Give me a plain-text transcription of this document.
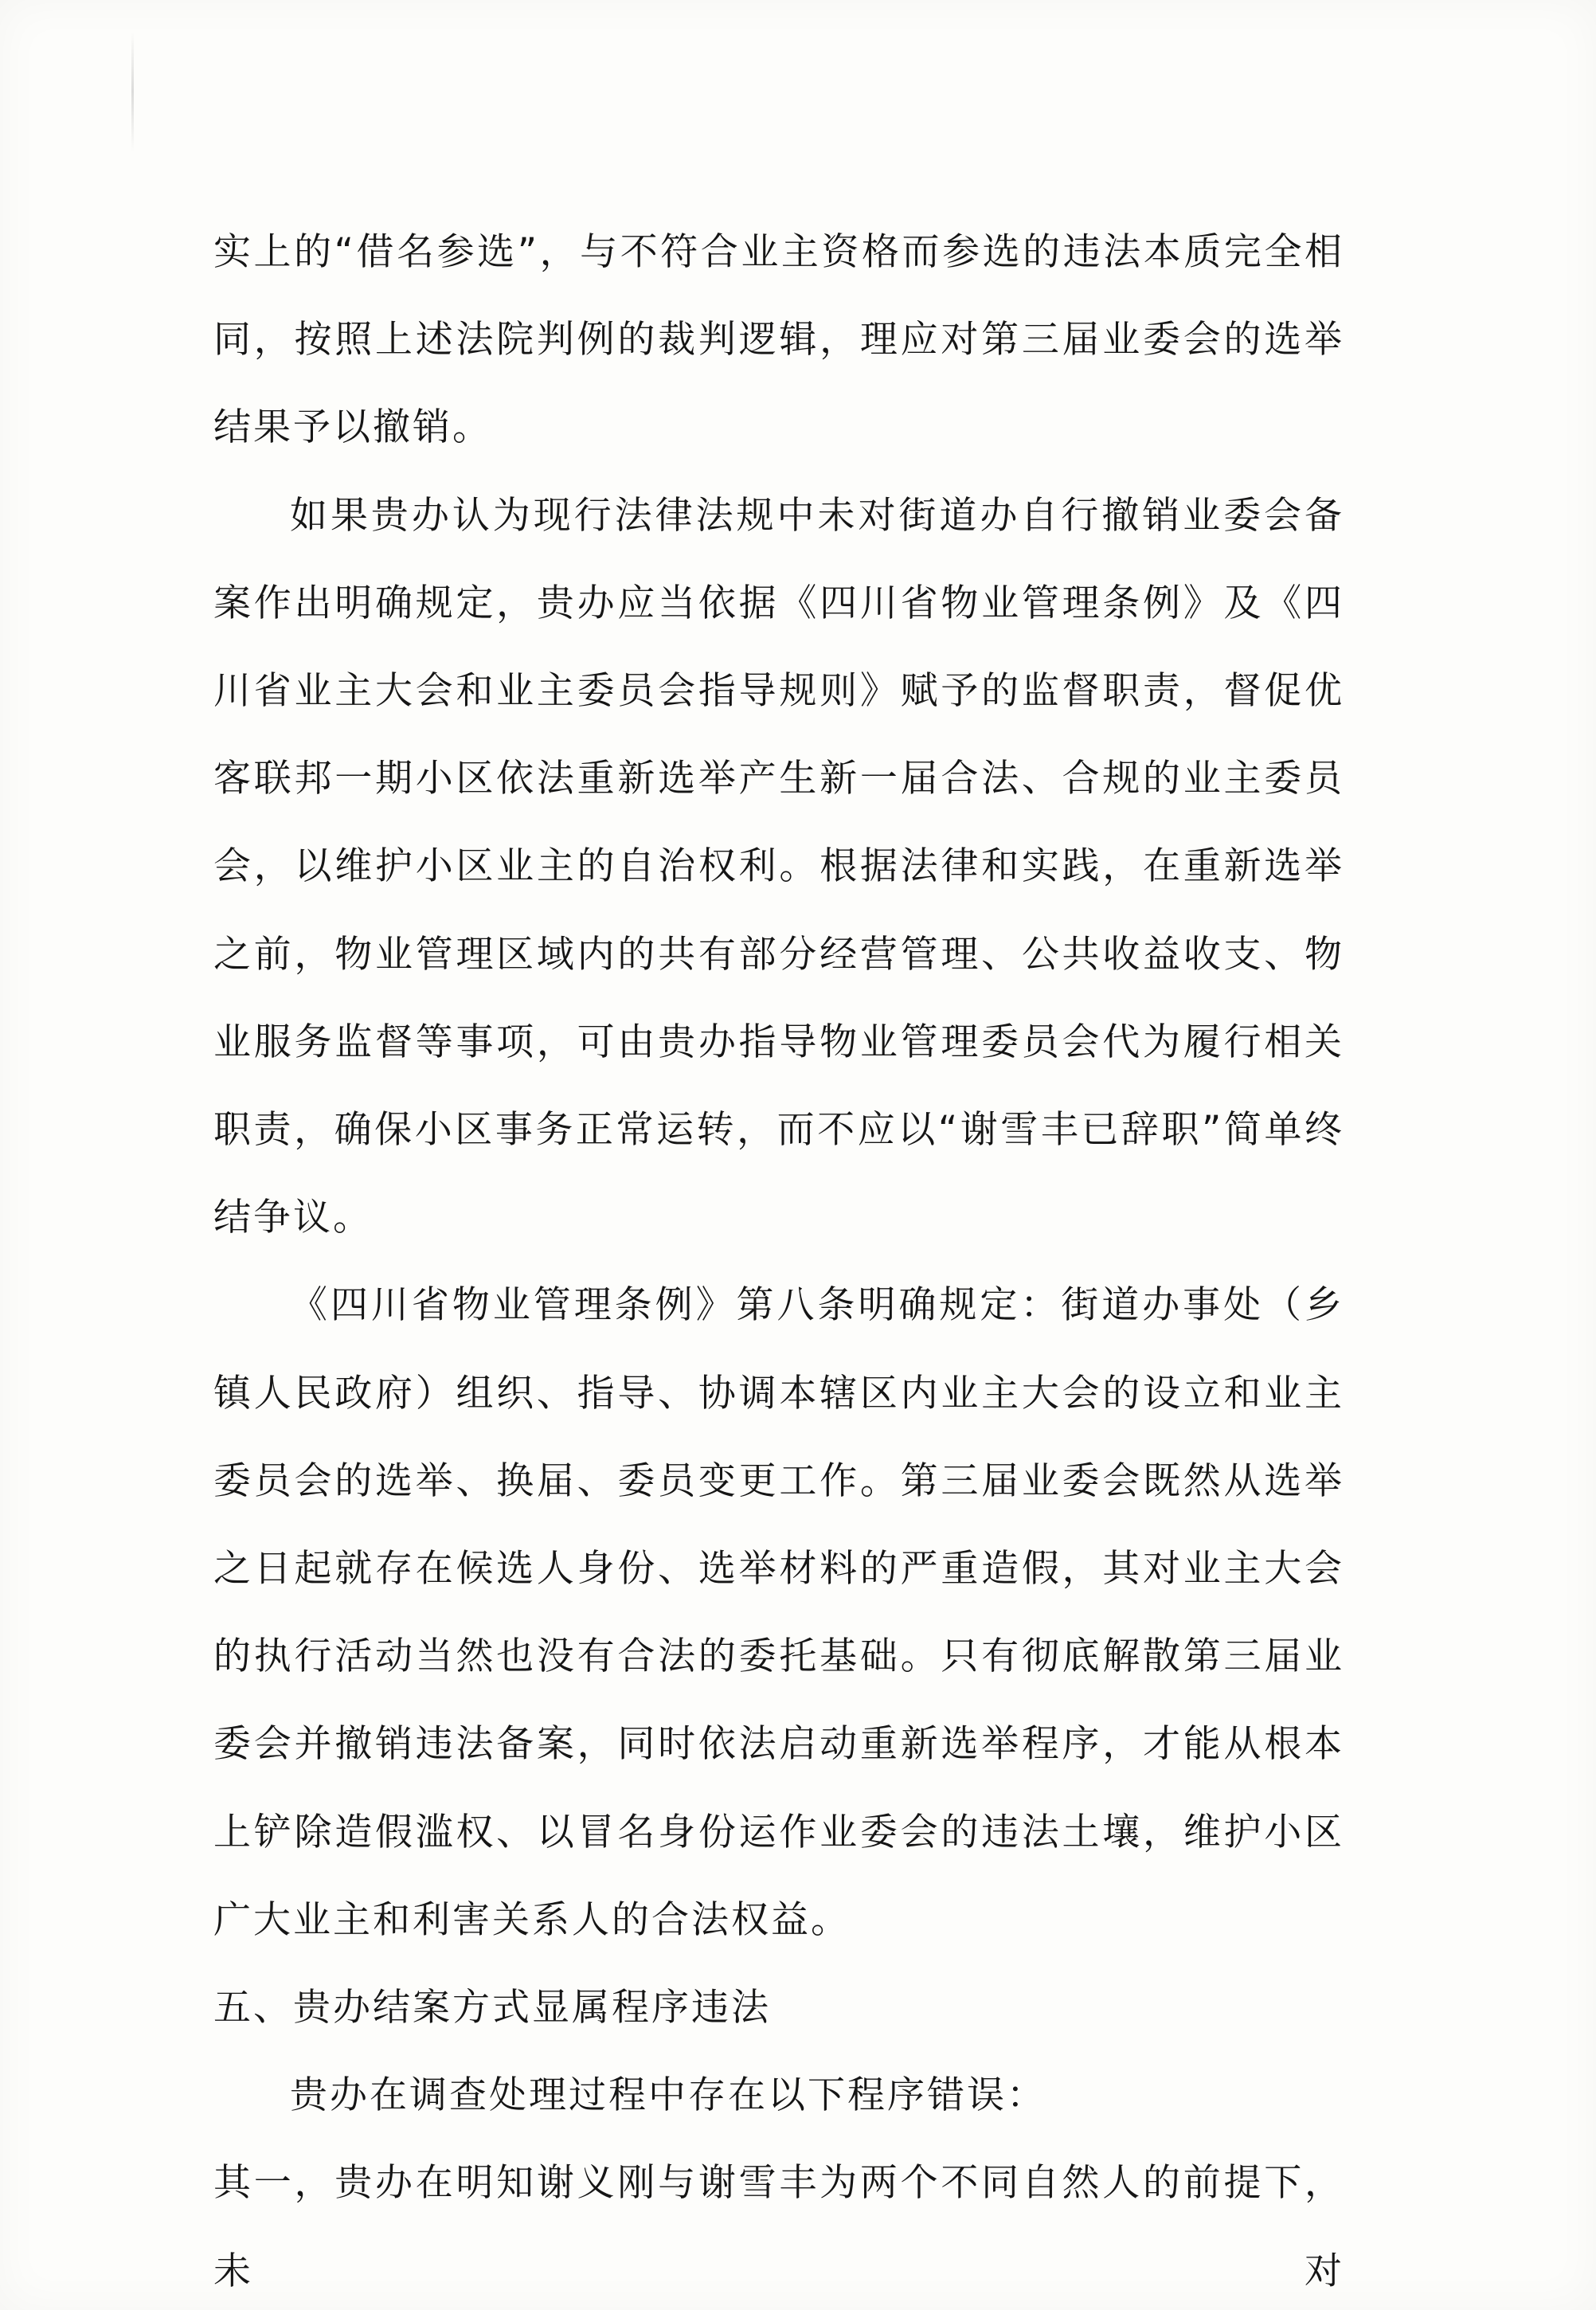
实上的“借名参选”，与不符合业主资格而参选的违法本质完全相同，按照上述法院判例的裁判逻辑，理应对第三届业委会的选举结果予以撤销。

如果贵办认为现行法律法规中未对街道办自行撤销业委会备案作出明确规定，贵办应当依据《四川省物业管理条例》及《四川省业主大会和业主委员会指导规则》赋予的监督职责，督促优客联邦一期小区依法重新选举产生新一届合法、合规的业主委员会，以维护小区业主的自治权利。根据法律和实践，在重新选举之前，物业管理区域内的共有部分经营管理、公共收益收支、物业服务监督等事项，可由贵办指导物业管理委员会代为履行相关职责，确保小区事务正常运转，而不应以“谢雪丰已辞职”简单终结争议。

《四川省物业管理条例》第八条明确规定：街道办事处（乡镇人民政府）组织、指导、协调本辖区内业主大会的设立和业主委员会的选举、换届、委员变更工作。第三届业委会既然从选举之日起就存在候选人身份、选举材料的严重造假，其对业主大会的执行活动当然也没有合法的委托基础。只有彻底解散第三届业委会并撤销违法备案，同时依法启动重新选举程序，才能从根本上铲除造假滥权、以冒名身份运作业委会的违法土壤，维护小区广大业主和利害关系人的合法权益。

五、贵办结案方式显属程序违法

贵办在调查处理过程中存在以下程序错误：

其一，贵办在明知谢义刚与谢雪丰为两个不同自然人的前提下，未对
